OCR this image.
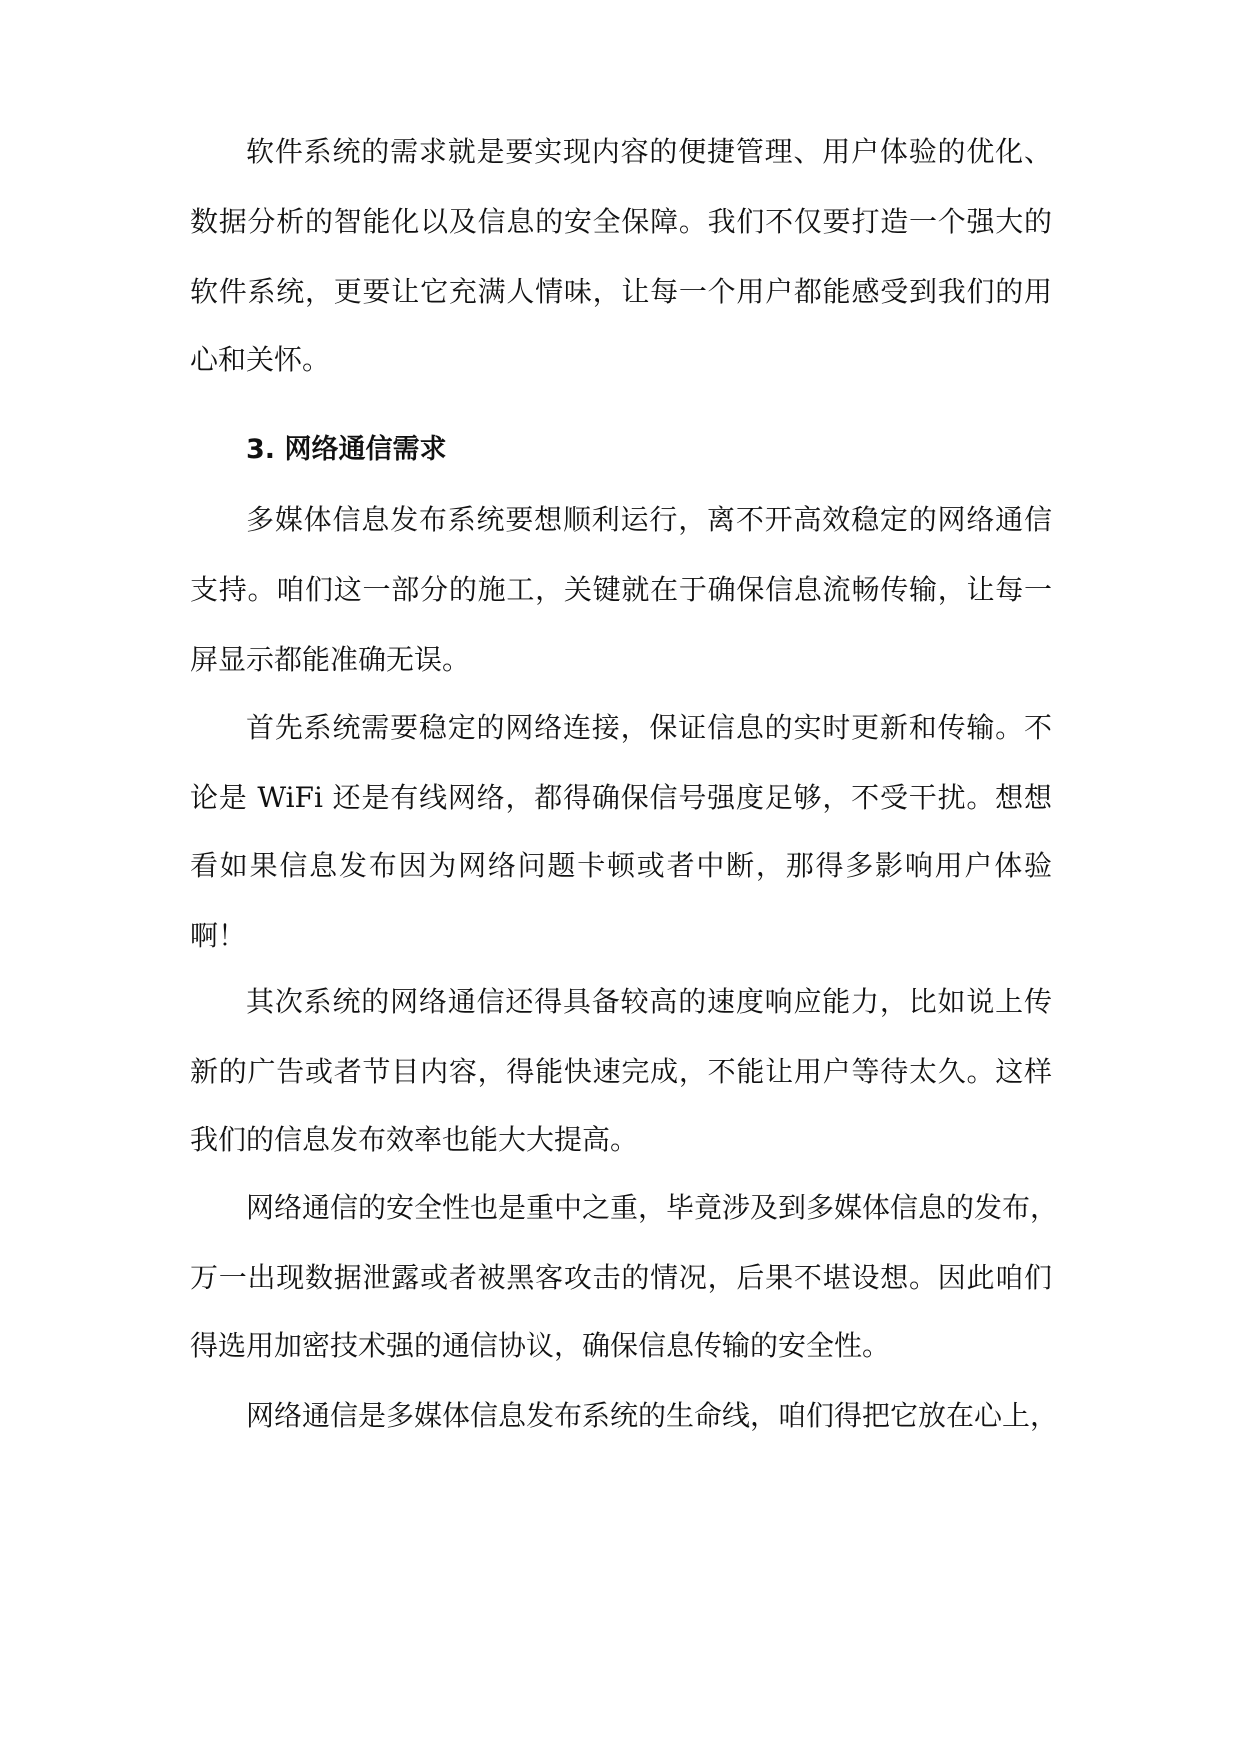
软件系统的需求就是要实现内容的便捷管理、用户体验的优化、

数据分析的智能化以及信息的安全保障。我们不仅要打造一个强大的

软件系统，更要让它充满人情味，让每一个用户都能感受到我们的用

心和关怀。

3. 网络通信需求

多媒体信息发布系统要想顺利运行，离不开高效稳定的网络通信

支持。咱们这一部分的施工，关键就在于确保信息流畅传输，让每一

屏显示都能准确无误。

首先系统需要稳定的网络连接，保证信息的实时更新和传输。不

论是 WiFi 还是有线网络，都得确保信号强度足够，不受干扰。想想

看如果信息发布因为网络问题卡顿或者中断，那得多影响用户体验

啊！

其次系统的网络通信还得具备较高的速度响应能力，比如说上传

新的广告或者节目内容，得能快速完成，不能让用户等待太久。这样

我们的信息发布效率也能大大提高。

网络通信的安全性也是重中之重，毕竟涉及到多媒体信息的发布，

万一出现数据泄露或者被黑客攻击的情况，后果不堪设想。因此咱们

得选用加密技术强的通信协议，确保信息传输的安全性。

网络通信是多媒体信息发布系统的生命线，咱们得把它放在心上，
